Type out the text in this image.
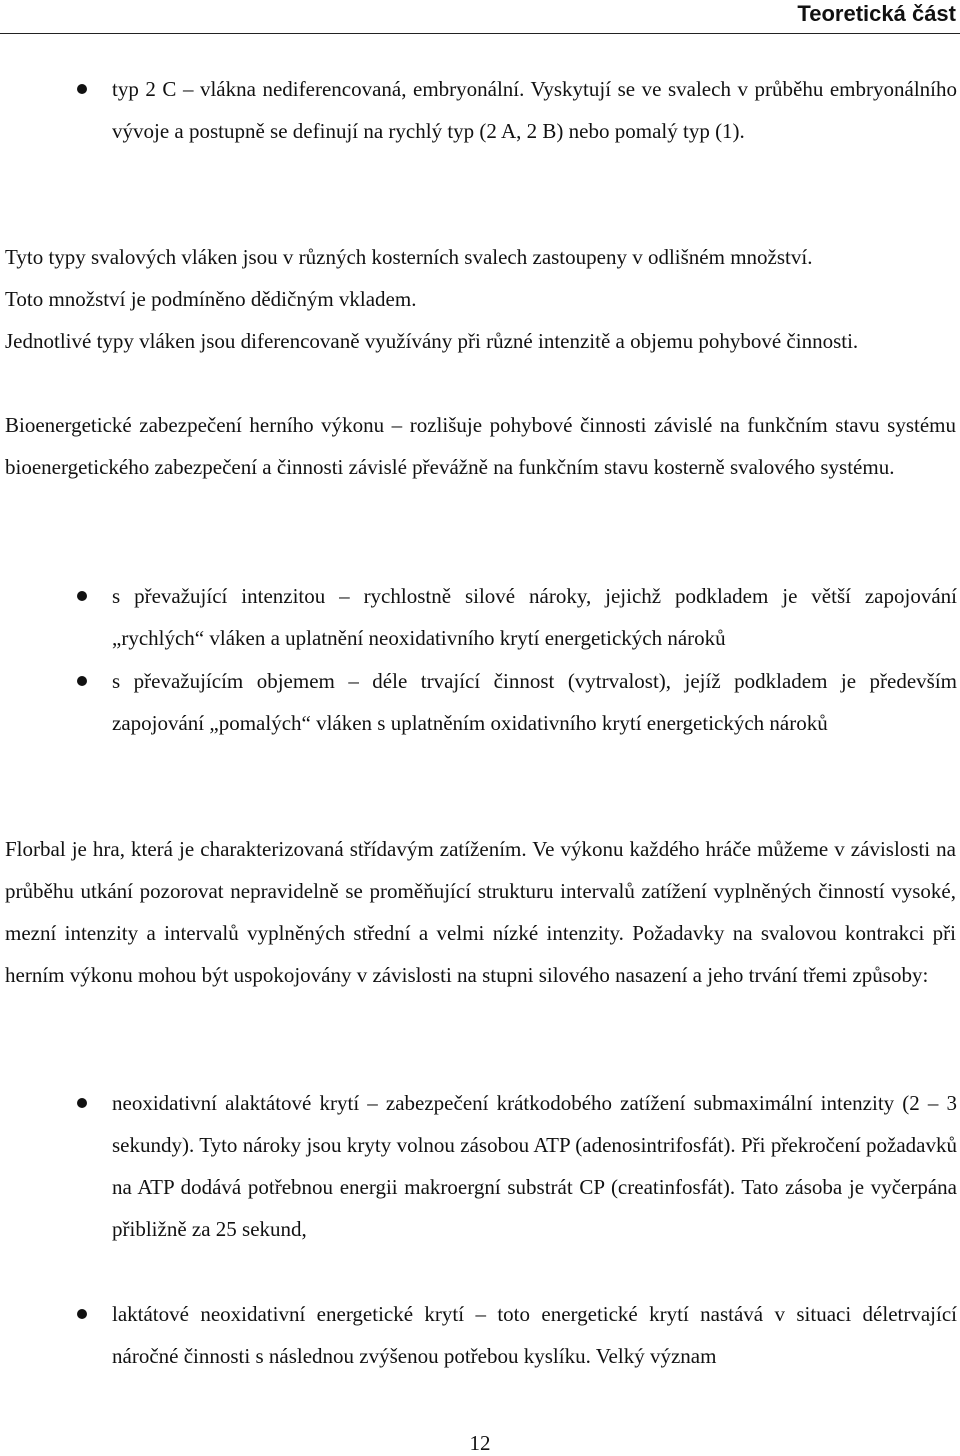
Teoretická část
typ 2 C – vlákna nediferencovaná, embryonální. Vyskytují se ve svalech v průběhu embryonálního vývoje a postupně se definují na rychlý typ (2 A, 2 B) nebo pomalý typ (1).
Tyto typy svalových vláken jsou v různých kosterních svalech zastoupeny v odlišném množství.
Toto množství je podmíněno dědičným vkladem.
Jednotlivé typy vláken jsou diferencovaně využívány při různé intenzitě a objemu pohybové činnosti.
Bioenergetické zabezpečení herního výkonu – rozlišuje pohybové činnosti závislé na funkčním stavu systému bioenergetického zabezpečení a činnosti závislé převážně na funkčním stavu kosterně svalového systému.
s převažující intenzitou – rychlostně silové nároky, jejichž podkladem je větší zapojování „rychlých“ vláken a uplatnění neoxidativního krytí energetických nároků
s převažujícím objemem – déle trvající činnost (vytrvalost), jejíž podkladem je především zapojování „pomalých“ vláken s uplatněním oxidativního krytí energetických nároků
Florbal je hra, která je charakterizovaná střídavým zatížením. Ve výkonu každého hráče můžeme v závislosti na průběhu utkání pozorovat nepravidelně se proměňující strukturu intervalů zatížení vyplněných činností vysoké, mezní intenzity a intervalů vyplněných střední a velmi nízké intenzity. Požadavky na svalovou kontrakci při herním výkonu mohou být uspokojovány v závislosti na stupni silového nasazení a jeho trvání třemi způsoby:
neoxidativní alaktátové krytí – zabezpečení krátkodobého zatížení submaximální intenzity (2 – 3 sekundy). Tyto nároky jsou kryty volnou zásobou ATP (adenosintrifosfát). Při překročení požadavků na ATP dodává potřebnou energii makroergní substrát CP (creatinfosfát). Tato zásoba je vyčerpána přibližně za 25 sekund,
laktátové neoxidativní energetické krytí – toto energetické krytí nastává v situaci déletrvající náročné činnosti s následnou zvýšenou potřebou kyslíku. Velký význam
12
